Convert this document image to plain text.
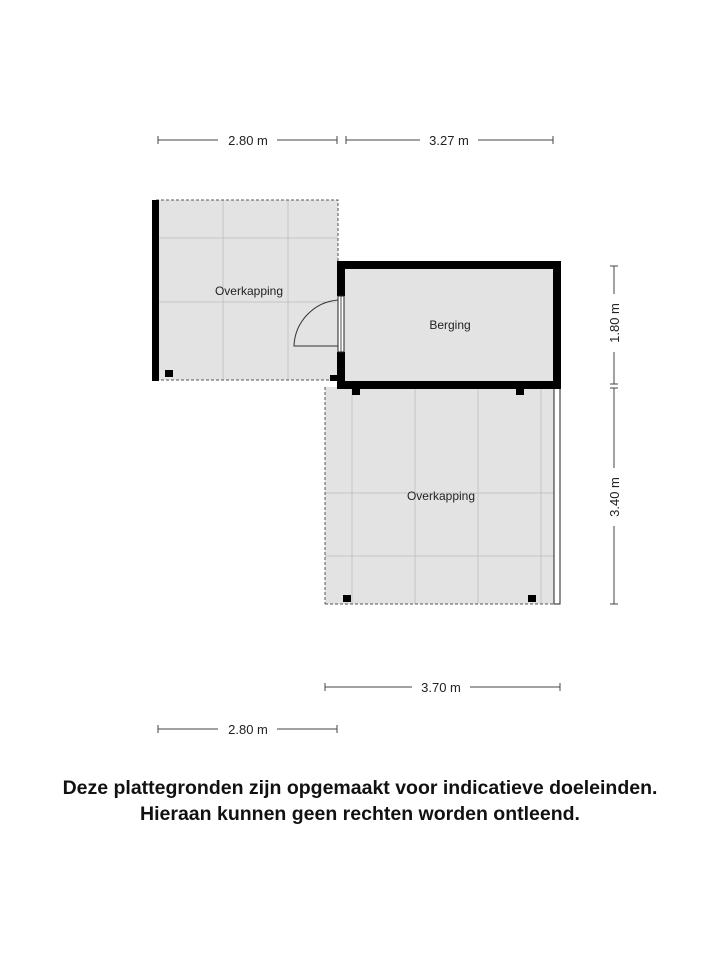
Overkapping
Berging
Overkapping
2.80 m	3.27 m
1.80 m
3.40 m
3.70 m
2.80 m

Deze plattegronden zijn opgemaakt voor indicatieve doeleinden.

Hieraan kunnen geen rechten worden ontleend.
